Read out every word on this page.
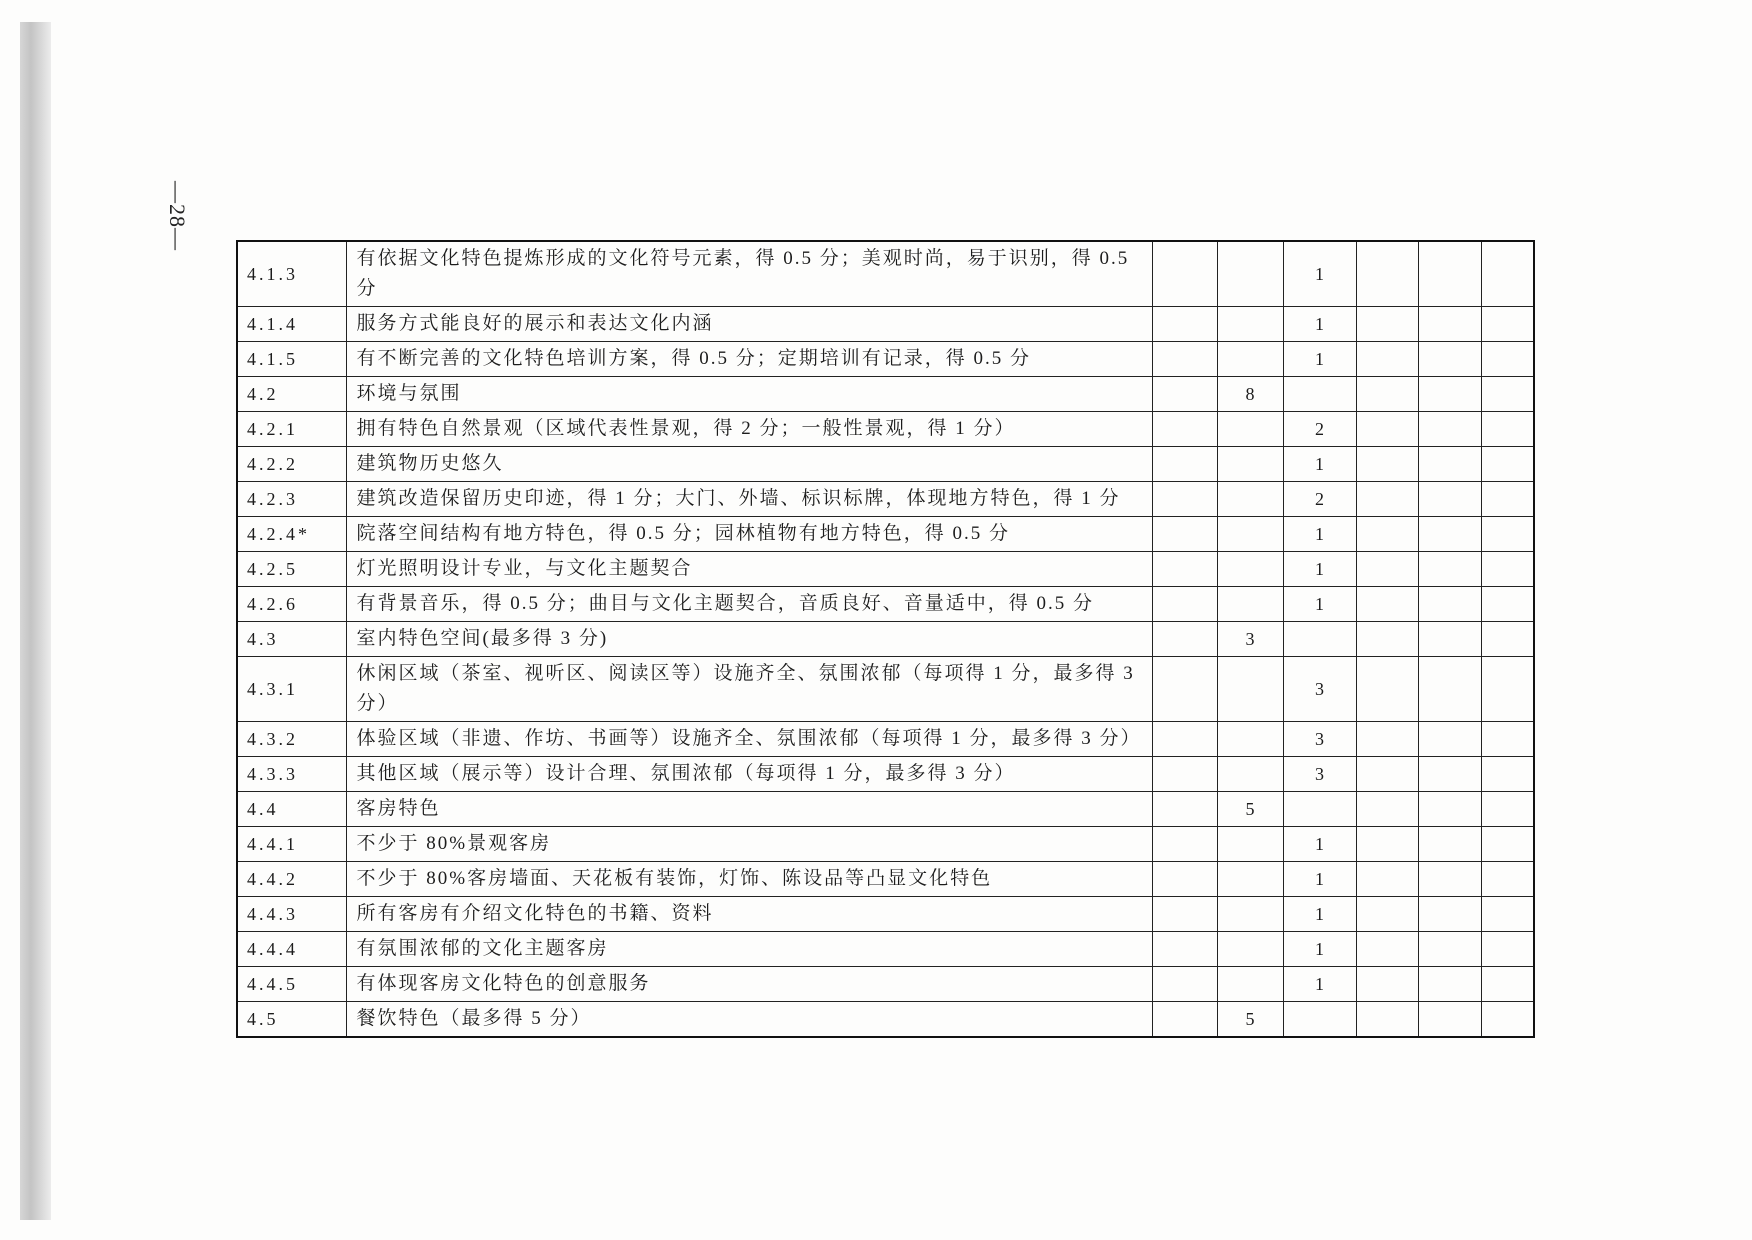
—28—
4.1.3	有依据文化特色提炼形成的文化符号元素，得 0.5 分；美观时尚，易于识别，得 0.5 分			1			
4.1.4	服务方式能良好的展示和表达文化内涵			1			
4.1.5	有不断完善的文化特色培训方案，得 0.5 分；定期培训有记录，得 0.5 分			1			
4.2	环境与氛围		8				
4.2.1	拥有特色自然景观（区域代表性景观，得 2 分；一般性景观，得 1 分）			2			
4.2.2	建筑物历史悠久			1			
4.2.3	建筑改造保留历史印迹，得 1 分；大门、外墙、标识标牌，体现地方特色，得 1 分			2			
4.2.4*	院落空间结构有地方特色，得 0.5 分；园林植物有地方特色，得 0.5 分			1			
4.2.5	灯光照明设计专业，与文化主题契合			1			
4.2.6	有背景音乐，得 0.5 分；曲目与文化主题契合，音质良好、音量适中，得 0.5 分			1			
4.3	室内特色空间(最多得 3 分)		3				
4.3.1	休闲区域（茶室、视听区、阅读区等）设施齐全、氛围浓郁（每项得 1 分，最多得 3 分）			3			
4.3.2	体验区域（非遗、作坊、书画等）设施齐全、氛围浓郁（每项得 1 分，最多得 3 分）			3			
4.3.3	其他区域（展示等）设计合理、氛围浓郁（每项得 1 分，最多得 3 分）			3			
4.4	客房特色		5				
4.4.1	不少于 80%景观客房			1			
4.4.2	不少于 80%客房墙面、天花板有装饰，灯饰、陈设品等凸显文化特色			1			
4.4.3	所有客房有介绍文化特色的书籍、资料			1			
4.4.4	有氛围浓郁的文化主题客房			1			
4.4.5	有体现客房文化特色的创意服务			1			
4.5	餐饮特色（最多得 5 分）		5				
